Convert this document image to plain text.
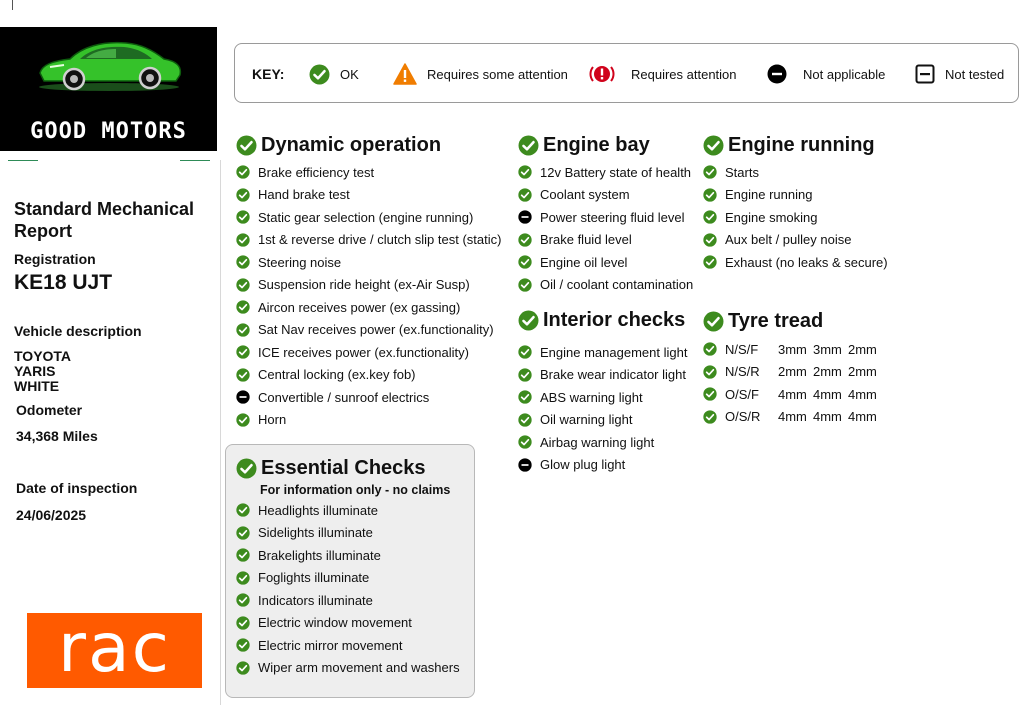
GOOD MOTORS
WWW.GOOD-MOTORS.CO.UK
Standard Mechanical Report
Registration
KE18 UJT
Vehicle description
TOYOTA
YARIS
WHITE
Odometer
34,368 Miles
Date of inspection
24/06/2025
rac
KEY:	OK	Requires some attention	Requires attention	Not applicable	Not tested
Dynamic operation
Brake efficiency test
Hand brake test
Static gear selection (engine running)
1st & reverse drive / clutch slip test (static)
Steering noise
Suspension ride height (ex-Air Susp)
Aircon receives power (ex gassing)
Sat Nav receives power (ex.functionality)
ICE receives power (ex.functionality)
Central locking (ex.key fob)
Convertible / sunroof electrics
Horn
Essential Checks
For information only - no claims
Headlights illuminate
Sidelights illuminate
Brakelights illuminate
Foglights illuminate
Indicators illuminate
Electric window movement
Electric mirror movement
Wiper arm movement and washers
Engine bay
12v Battery state of health
Coolant system
Power steering fluid level
Brake fluid level
Engine oil level
Oil / coolant contamination
Interior checks
Engine management light
Brake wear indicator light
ABS warning light
Oil warning light
Airbag warning light
Glow plug light
Engine running
Starts
Engine running
Engine smoking
Aux belt / pulley noise
Exhaust (no leaks & secure)
Tyre tread
N/S/F	3mm 3mm 2mm
N/S/R	2mm 2mm 2mm
O/S/F	4mm 4mm 4mm
O/S/R	4mm 4mm 4mm
